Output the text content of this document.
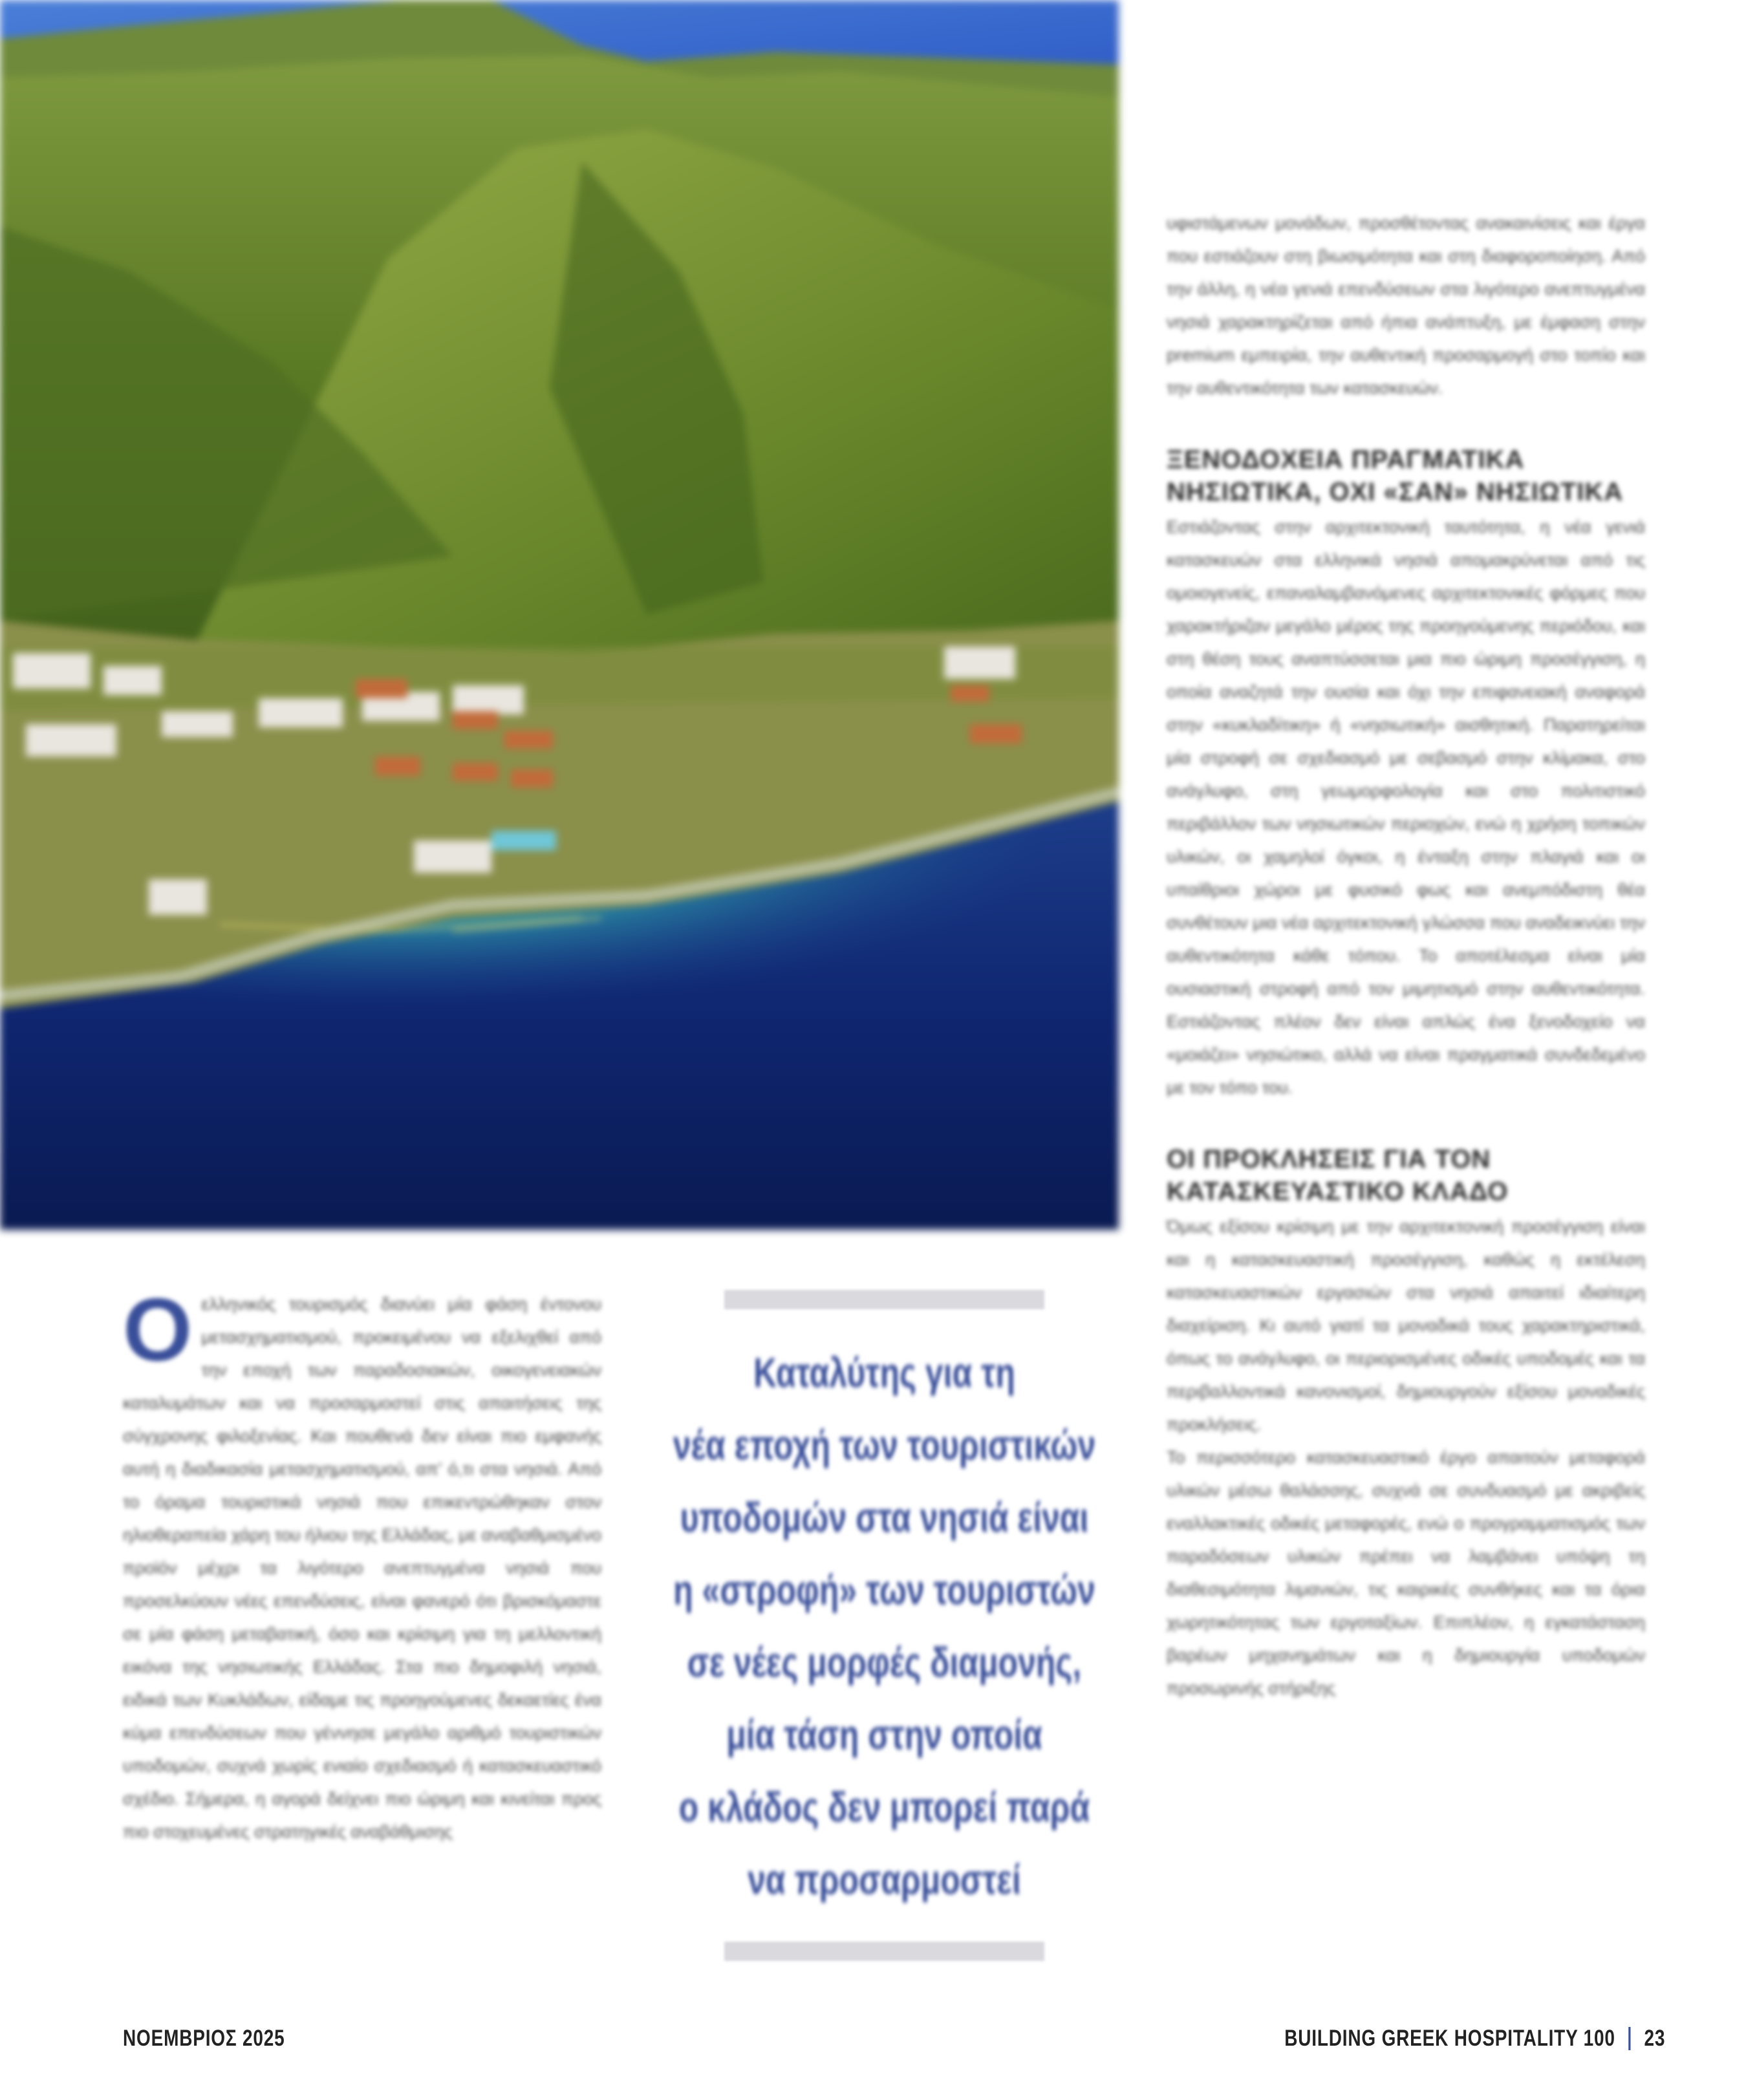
Ο ελληνικός τουρισμός διανύει μία φάση έντονου μετασχηματισμού, προκειμένου να εξελιχθεί από την εποχή των παραδοσιακών, οικογενειακών καταλυμάτων και να προσαρμοστεί στις απαιτήσεις της σύγχρονης φιλοξενίας. Και πουθενά δεν είναι πιο εμφανής αυτή η διαδικασία μετασχηματισμού, απ’ ό,τι στα νησιά. Από το όραμα τουριστικά νησιά που επικεντρώθηκαν στον ηλιοθεραπεία χάρη του ήλιου της Ελλάδας, με αναβαθμισμένο προϊόν μέχρι τα λιγότερο ανεπτυγμένα νησιά που προσελκύουν νέες επενδύσεις, είναι φανερό ότι βρισκόμαστε σε μία φάση μεταβατική, όσο και κρίσιμη για τη μελλοντική εικόνα της νησιωτικής Ελλάδας. Στα πιο δημοφιλή νησιά, ειδικά των Κυκλάδων, είδαμε τις προηγούμενες δεκαετίες ένα κύμα επενδύσεων που γέννησε μεγάλο αριθμό τουριστικών υποδομών, συχνά χωρίς ενιαίο σχεδιασμό ή κατασκευαστικό σχέδιο. Σήμερα, η αγορά δείχνει πιο ώριμη και κινείται προς πιο στοχευμένες στρατηγικές αναβάθμισης

Καταλύτης για τη
νέα εποχή των τουριστικών
υποδομών στα νησιά είναι
η «στροφή» των τουριστών
σε νέες μορφές διαμονής,
μία τάση στην οποία
ο κλάδος δεν μπορεί παρά
να προσαρμοστεί

υφιστάμενων μονάδων, προσθέτοντας ανακαινίσεις και έργα που εστιάζουν στη βιωσιμότητα και στη διαφοροποίηση. Από την άλλη, η νέα γενιά επενδύσεων στα λιγότερο ανεπτυγμένα νησιά χαρακτηρίζεται από ήπια ανάπτυξη, με έμφαση στην premium εμπειρία, την αυθεντική προσαρμογή στο τοπίο και την αυθεντικότητα των κατασκευών.

ΞΕΝΟΔΟΧΕΙΑ ΠΡΑΓΜΑΤΙΚΑ ΝΗΣΙΩΤΙΚΑ, ΟΧΙ «ΣΑΝ» ΝΗΣΙΩΤΙΚΑ

Εστιάζοντας στην αρχιτεκτονική ταυτότητα, η νέα γενιά κατασκευών στα ελληνικά νησιά απομακρύνεται από τις ομοιογενείς, επαναλαμβανόμενες αρχιτεκτονικές φόρμες που χαρακτήριζαν μεγάλο μέρος της προηγούμενης περιόδου, και στη θέση τους αναπτύσσεται μια πιο ώριμη προσέγγιση, η οποία αναζητά την ουσία και όχι την επιφανειακή αναφορά στην «κυκλαδίτικη» ή «νησιωτική» αισθητική. Παρατηρείται μία στροφή σε σχεδιασμό με σεβασμό στην κλίμακα, στο ανάγλυφο, στη γεωμορφολογία και στο πολιτιστικό περιβάλλον των νησιωτικών περιοχών, ενώ η χρήση τοπικών υλικών, οι χαμηλοί όγκοι, η ένταξη στην πλαγιά και οι υπαίθριοι χώροι με φυσικό φως και ανεμπόδιστη θέα συνθέτουν μια νέα αρχιτεκτονική γλώσσα που αναδεικνύει την αυθεντικότητα κάθε τόπου. Το αποτέλεσμα είναι μία ουσιαστική στροφή από τον μιμητισμό στην αυθεντικότητα. Εστιάζοντας πλέον δεν είναι απλώς ένα ξενοδοχείο να «μοιάζει» νησιώτικο, αλλά να είναι πραγματικά συνδεδεμένο με τον τόπο του.

ΟΙ ΠΡΟΚΛΗΣΕΙΣ ΓΙΑ ΤΟΝ ΚΑΤΑΣΚΕΥΑΣΤΙΚΟ ΚΛΑΔΟ

Όμως εξίσου κρίσιμη με την αρχιτεκτονική προσέγγιση είναι και η κατασκευαστική προσέγγιση, καθώς η εκτέλεση κατασκευαστικών εργασιών στα νησιά απαιτεί ιδιαίτερη διαχείριση. Κι αυτό γιατί τα μοναδικά τους χαρακτηριστικά, όπως το ανάγλυφο, οι περιορισμένες οδικές υποδομές και τα περιβαλλοντικά κανονισμοί, δημιουργούν εξίσου μοναδικές προκλήσεις.

Το περισσότερο κατασκευαστικό έργο απαιτούν μεταφορά υλικών μέσω θαλάσσης, συχνά σε συνδυασμό με ακριβείς εναλλακτικές οδικές μεταφορές, ενώ ο προγραμματισμός των παραδόσεων υλικών πρέπει να λαμβάνει υπόψη τη διαθεσιμότητα λιμανιών, τις καιρικές συνθήκες και τα όρια χωρητικότητας των εργοταξίων. Επιπλέον, η εγκατάσταση βαρέων μηχανημάτων και η δημιουργία υποδομών προσωρινής στήριξης

ΝΟΕΜΒΡΙΟΣ 2025	BUILDING GREEK HOSPITALITY 100 23
